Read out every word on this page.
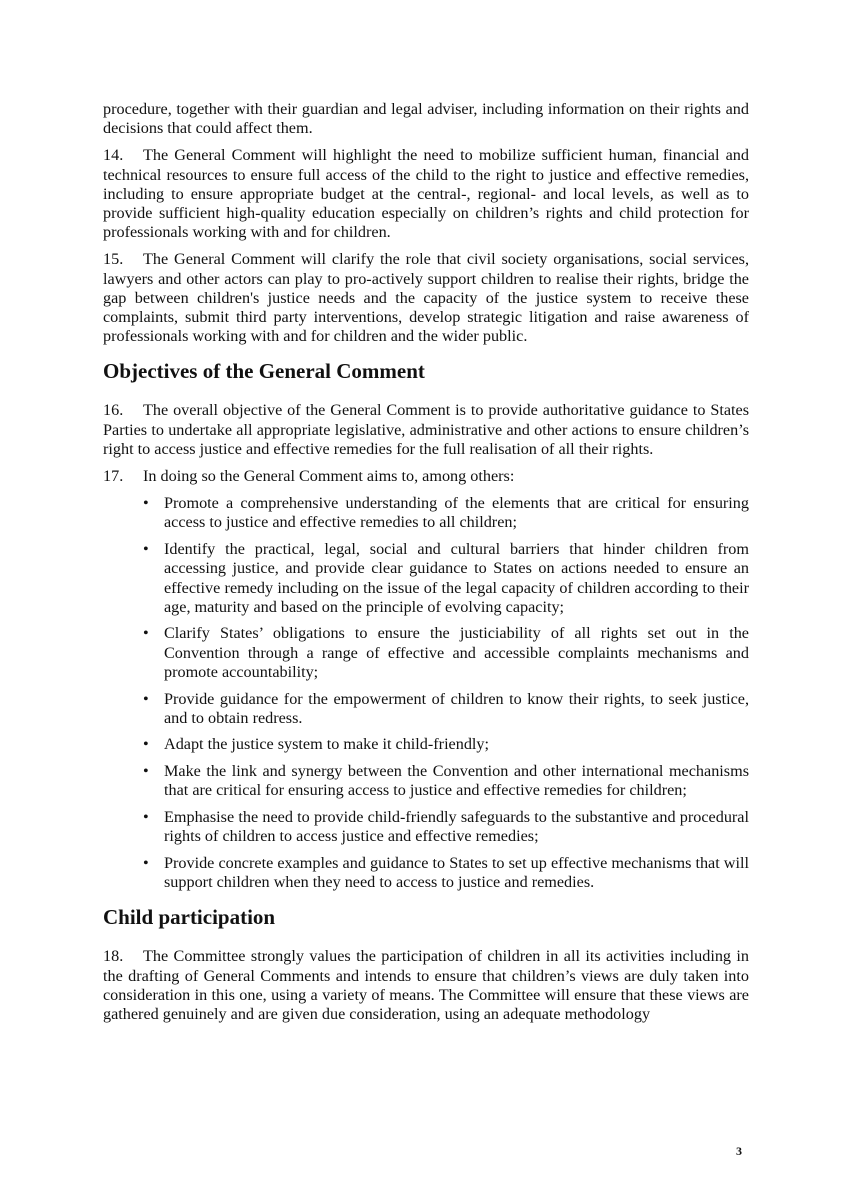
procedure, together with their guardian and legal adviser, including information on their rights and decisions that could affect them.

14. The General Comment will highlight the need to mobilize sufficient human, financial and technical resources to ensure full access of the child to the right to justice and effective remedies, including to ensure appropriate budget at the central-, regional- and local levels, as well as to provide sufficient high-quality education especially on children’s rights and child protection for professionals working with and for children.

15. The General Comment will clarify the role that civil society organisations, social services, lawyers and other actors can play to pro-actively support children to realise their rights, bridge the gap between children's justice needs and the capacity of the justice system to receive these complaints, submit third party interventions, develop strategic litigation and raise awareness of professionals working with and for children and the wider public.

Objectives of the General Comment

16. The overall objective of the General Comment is to provide authoritative guidance to States Parties to undertake all appropriate legislative, administrative and other actions to ensure children’s right to access justice and effective remedies for the full realisation of all their rights.

17. In doing so the General Comment aims to, among others:

• Promote a comprehensive understanding of the elements that are critical for ensuring access to justice and effective remedies to all children;
• Identify the practical, legal, social and cultural barriers that hinder children from accessing justice, and provide clear guidance to States on actions needed to ensure an effective remedy including on the issue of the legal capacity of children according to their age, maturity and based on the principle of evolving capacity;
• Clarify States’ obligations to ensure the justiciability of all rights set out in the Convention through a range of effective and accessible complaints mechanisms and promote accountability;
• Provide guidance for the empowerment of children to know their rights, to seek justice, and to obtain redress.
• Adapt the justice system to make it child-friendly;
• Make the link and synergy between the Convention and other international mechanisms that are critical for ensuring access to justice and effective remedies for children;
• Emphasise the need to provide child-friendly safeguards to the substantive and procedural rights of children to access justice and effective remedies;
• Provide concrete examples and guidance to States to set up effective mechanisms that will support children when they need to access to justice and remedies.
Child participation

18. The Committee strongly values the participation of children in all its activities including in the drafting of General Comments and intends to ensure that children’s views are duly taken into consideration in this one, using a variety of means. The Committee will ensure that these views are gathered genuinely and are given due consideration, using an adequate methodology

3
